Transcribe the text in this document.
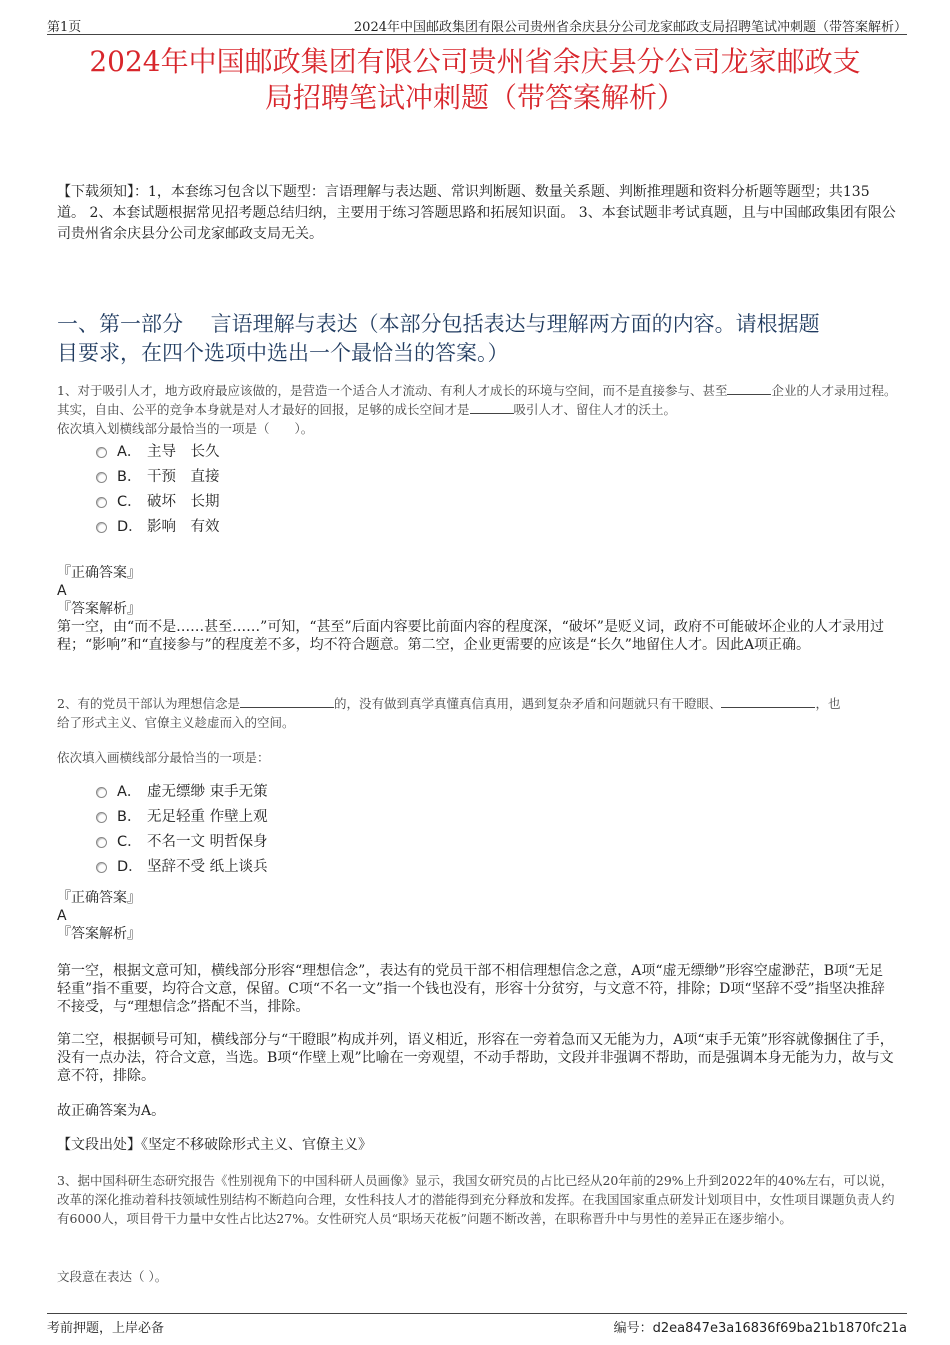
第1页	2024年中国邮政集团有限公司贵州省余庆县分公司龙家邮政支局招聘笔试冲刺题（带答案解析）
2024年中国邮政集团有限公司贵州省余庆县分公司龙家邮政支
局招聘笔试冲刺题（带答案解析）
【下载须知】：1，本套练习包含以下题型：言语理解与表达题、常识判断题、数量关系题、判断推理题和资料分析题等题型；共135道。 2、本套试题根据常见招考题总结归纳，主要用于练习答题思路和拓展知识面。 3、本套试题非考试真题，且与中国邮政集团有限公司贵州省余庆县分公司龙家邮政支局无关。
一、第一部分　 言语理解与表达（本部分包括表达与理解两方面的内容。请根据题
目要求，在四个选项中选出一个最恰当的答案。）

1、对于吸引人才，地方政府最应该做的，是营造一个适合人才流动、有利人才成长的环境与空间，而不是直接参与、甚至	企业的人才录用过程。其实，自由、公平的竞争本身就是对人才最好的回报，足够的成长空间才是	吸引人才、留住人才的沃土。

依次填入划横线部分最恰当的一项是（　　）。

A． 主导　长久
B． 干预　直接
C． 破坏　长期
D． 影响　有效
『正确答案』
A
『答案解析』
第一空，由“而不是……甚至……”可知，“甚至”后面内容要比前面内容的程度深，“破坏”是贬义词，政府不可能破坏企业的人才录用过程；“影响”和“直接参与”的程度差不多，均不符合题意。第二空，企业更需要的应该是“长久”地留住人才。因此A项正确。

2、有的党员干部认为理想信念是	的，没有做到真学真懂真信真用，遇到复杂矛盾和问题就只有干瞪眼、	，也

给了形式主义、官僚主义趁虚而入的空间。

依次填入画横线部分最恰当的一项是：
A． 虚无缥缈 束手无策
B． 无足轻重 作壁上观
C． 不名一文 明哲保身
D． 坚辞不受 纸上谈兵
『正确答案』
A
『答案解析』
第一空，根据文意可知，横线部分形容“理想信念”，表达有的党员干部不相信理想信念之意，A项“虚无缥缈”形容空虚渺茫，B项“无足轻重”指不重要，均符合文意，保留。C项“不名一文”指一个钱也没有，形容十分贫穷，与文意不符，排除；D项“坚辞不受”指坚决推辞不接受，与“理想信念”搭配不当，排除。
第二空，根据顿号可知，横线部分与“干瞪眼”构成并列，语义相近，形容在一旁着急而又无能为力，A项“束手无策”形容就像捆住了手，没有一点办法，符合文意，当选。B项“作壁上观”比喻在一旁观望，不动手帮助，文段并非强调不帮助，而是强调本身无能为力，故与文意不符，排除。
故正确答案为A。
【文段出处】《坚定不移破除形式主义、官僚主义》
3、据中国科研生态研究报告《性别视角下的中国科研人员画像》显示，我国女研究员的占比已经从20年前的29%上升到2022年的40%左右，可以说，改革的深化推动着科技领域性别结构不断趋向合理，女性科技人才的潜能得到充分释放和发挥。在我国国家重点研发计划项目中，女性项目课题负责人约有6000人，项目骨干力量中女性占比达27%。女性研究人员“职场天花板”问题不断改善，在职称晋升中与男性的差异正在逐步缩小。
文段意在表达（ ）。
考前押题，上岸必备	编号：d2ea847e3a16836f69ba21b1870fc21a
